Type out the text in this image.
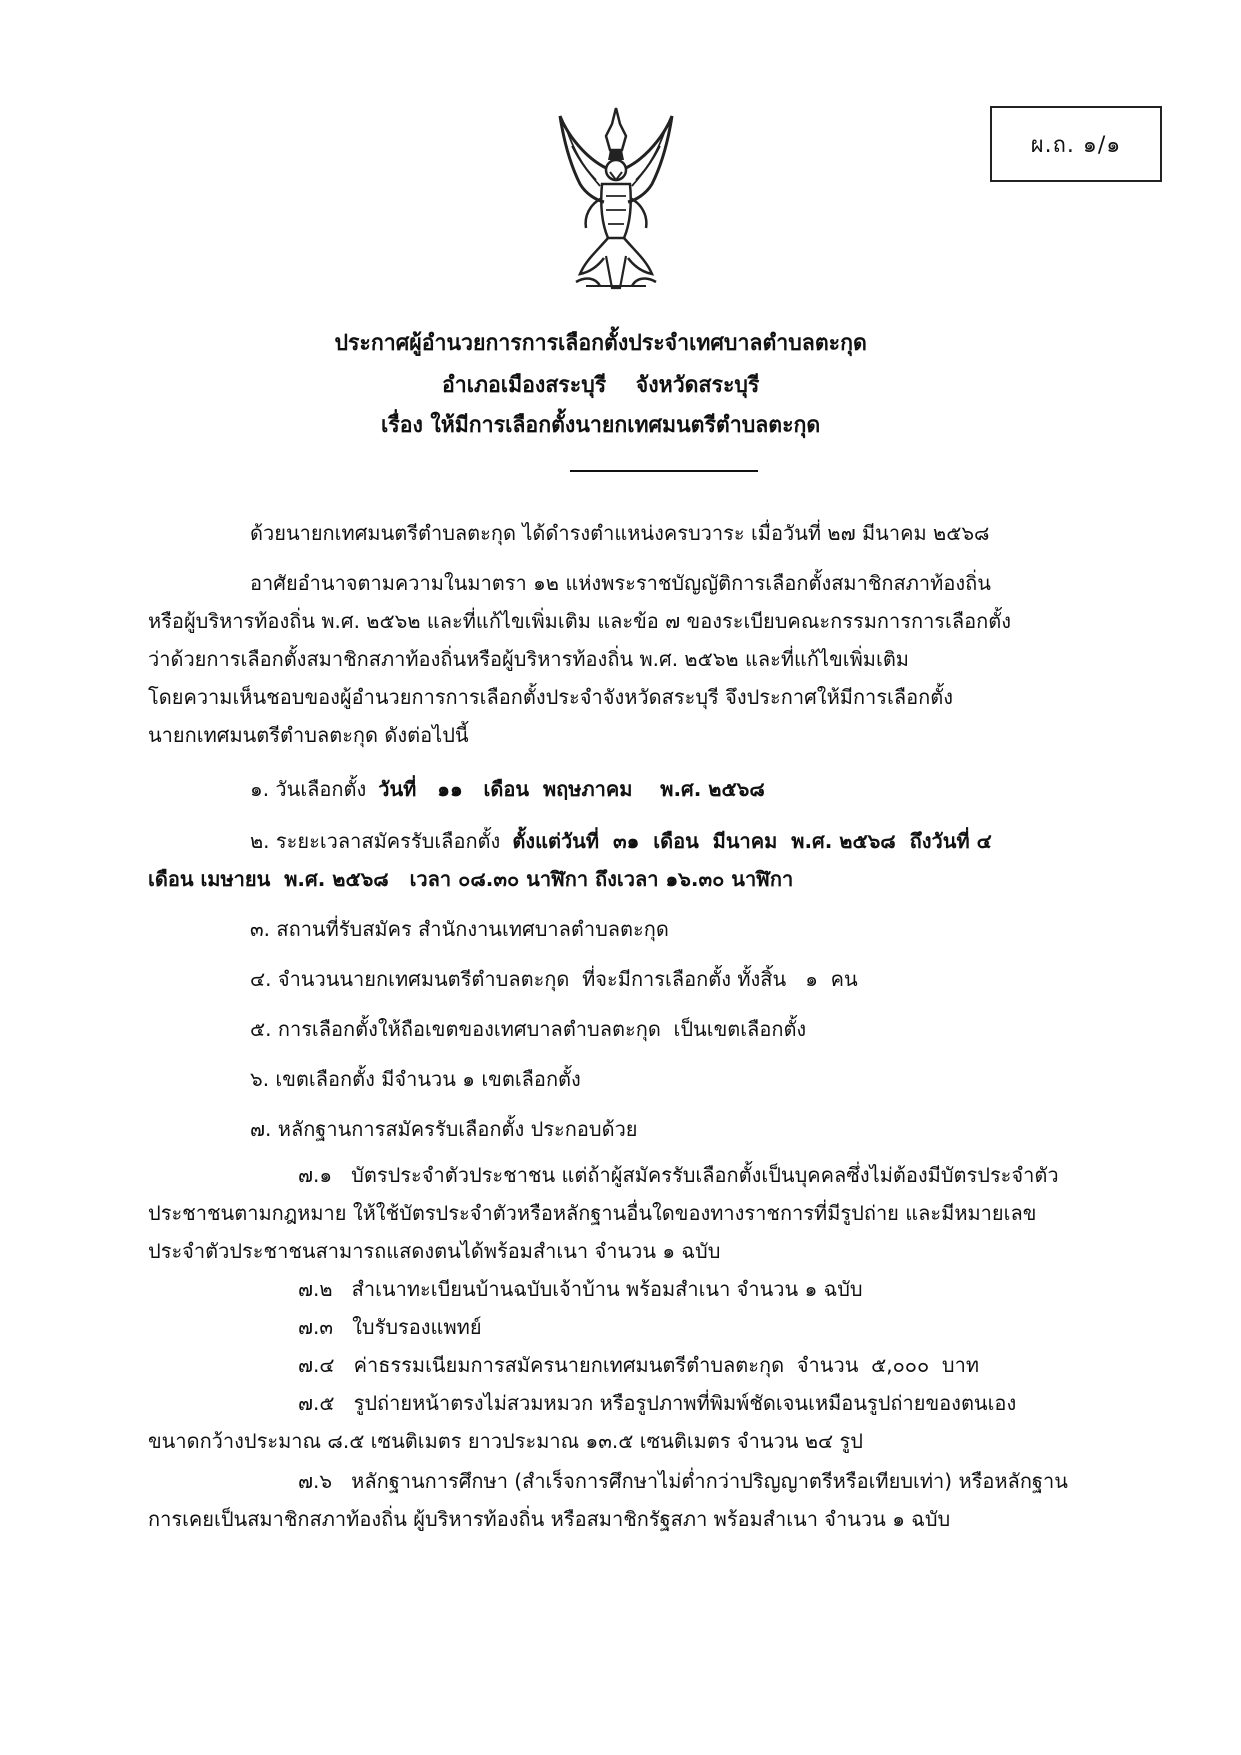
ผ.ถ. ๑/๑
ประกาศผู้อำนวยการการเลือกตั้งประจำเทศบาลตำบลตะกุด
อำเภอเมืองสระบุรี    จังหวัดสระบุรี
เรื่อง ให้มีการเลือกตั้งนายกเทศมนตรีตำบลตะกุด
ด้วยนายกเทศมนตรีตำบลตะกุด ได้ดำรงตำแหน่งครบวาระ เมื่อวันที่ ๒๗ มีนาคม ๒๕๖๘
อาศัยอำนาจตามความในมาตรา ๑๒ แห่งพระราชบัญญัติการเลือกตั้งสมาชิกสภาท้องถิ่น
หรือผู้บริหารท้องถิ่น พ.ศ. ๒๕๖๒ และที่แก้ไขเพิ่มเติม และข้อ ๗ ของระเบียบคณะกรรมการการเลือกตั้ง
ว่าด้วยการเลือกตั้งสมาชิกสภาท้องถิ่นหรือผู้บริหารท้องถิ่น พ.ศ. ๒๕๖๒ และที่แก้ไขเพิ่มเติม
โดยความเห็นชอบของผู้อำนวยการการเลือกตั้งประจำจังหวัดสระบุรี จึงประกาศให้มีการเลือกตั้ง
นายกเทศมนตรีตำบลตะกุด ดังต่อไปนี้
๑. วันเลือกตั้ง วันที่   ๑๑   เดือน  พฤษภาคม    พ.ศ. ๒๕๖๘
๒. ระยะเวลาสมัครรับเลือกตั้ง ตั้งแต่วันที่  ๓๑  เดือน  มีนาคม  พ.ศ. ๒๕๖๘  ถึงวันที่ ๔
เดือน เมษายน  พ.ศ. ๒๕๖๘   เวลา ๐๘.๓๐ นาฬิกา ถึงเวลา ๑๖.๓๐ นาฬิกา
๓. สถานที่รับสมัคร สำนักงานเทศบาลตำบลตะกุด
๔. จำนวนนายกเทศมนตรีตำบลตะกุด  ที่จะมีการเลือกตั้ง ทั้งสิ้น   ๑  คน
๕. การเลือกตั้งให้ถือเขตของเทศบาลตำบลตะกุด  เป็นเขตเลือกตั้ง
๖. เขตเลือกตั้ง มีจำนวน ๑ เขตเลือกตั้ง
๗. หลักฐานการสมัครรับเลือกตั้ง ประกอบด้วย
๗.๑   บัตรประจำตัวประชาชน แต่ถ้าผู้สมัครรับเลือกตั้งเป็นบุคคลซึ่งไม่ต้องมีบัตรประจำตัว
ประชาชนตามกฎหมาย ให้ใช้บัตรประจำตัวหรือหลักฐานอื่นใดของทางราชการที่มีรูปถ่าย และมีหมายเลข
ประจำตัวประชาชนสามารถแสดงตนได้พร้อมสำเนา จำนวน ๑ ฉบับ
๗.๒   สำเนาทะเบียนบ้านฉบับเจ้าบ้าน พร้อมสำเนา จำนวน ๑ ฉบับ
๗.๓   ใบรับรองแพทย์
๗.๔   ค่าธรรมเนียมการสมัครนายกเทศมนตรีตำบลตะกุด  จำนวน  ๕,๐๐๐  บาท
๗.๕   รูปถ่ายหน้าตรงไม่สวมหมวก หรือรูปภาพที่พิมพ์ชัดเจนเหมือนรูปถ่ายของตนเอง
ขนาดกว้างประมาณ ๘.๕ เซนติเมตร ยาวประมาณ ๑๓.๕ เซนติเมตร จำนวน ๒๔ รูป
๗.๖   หลักฐานการศึกษา (สำเร็จการศึกษาไม่ต่ำกว่าปริญญาตรีหรือเทียบเท่า) หรือหลักฐาน
การเคยเป็นสมาชิกสภาท้องถิ่น ผู้บริหารท้องถิ่น หรือสมาชิกรัฐสภา พร้อมสำเนา จำนวน ๑ ฉบับ
